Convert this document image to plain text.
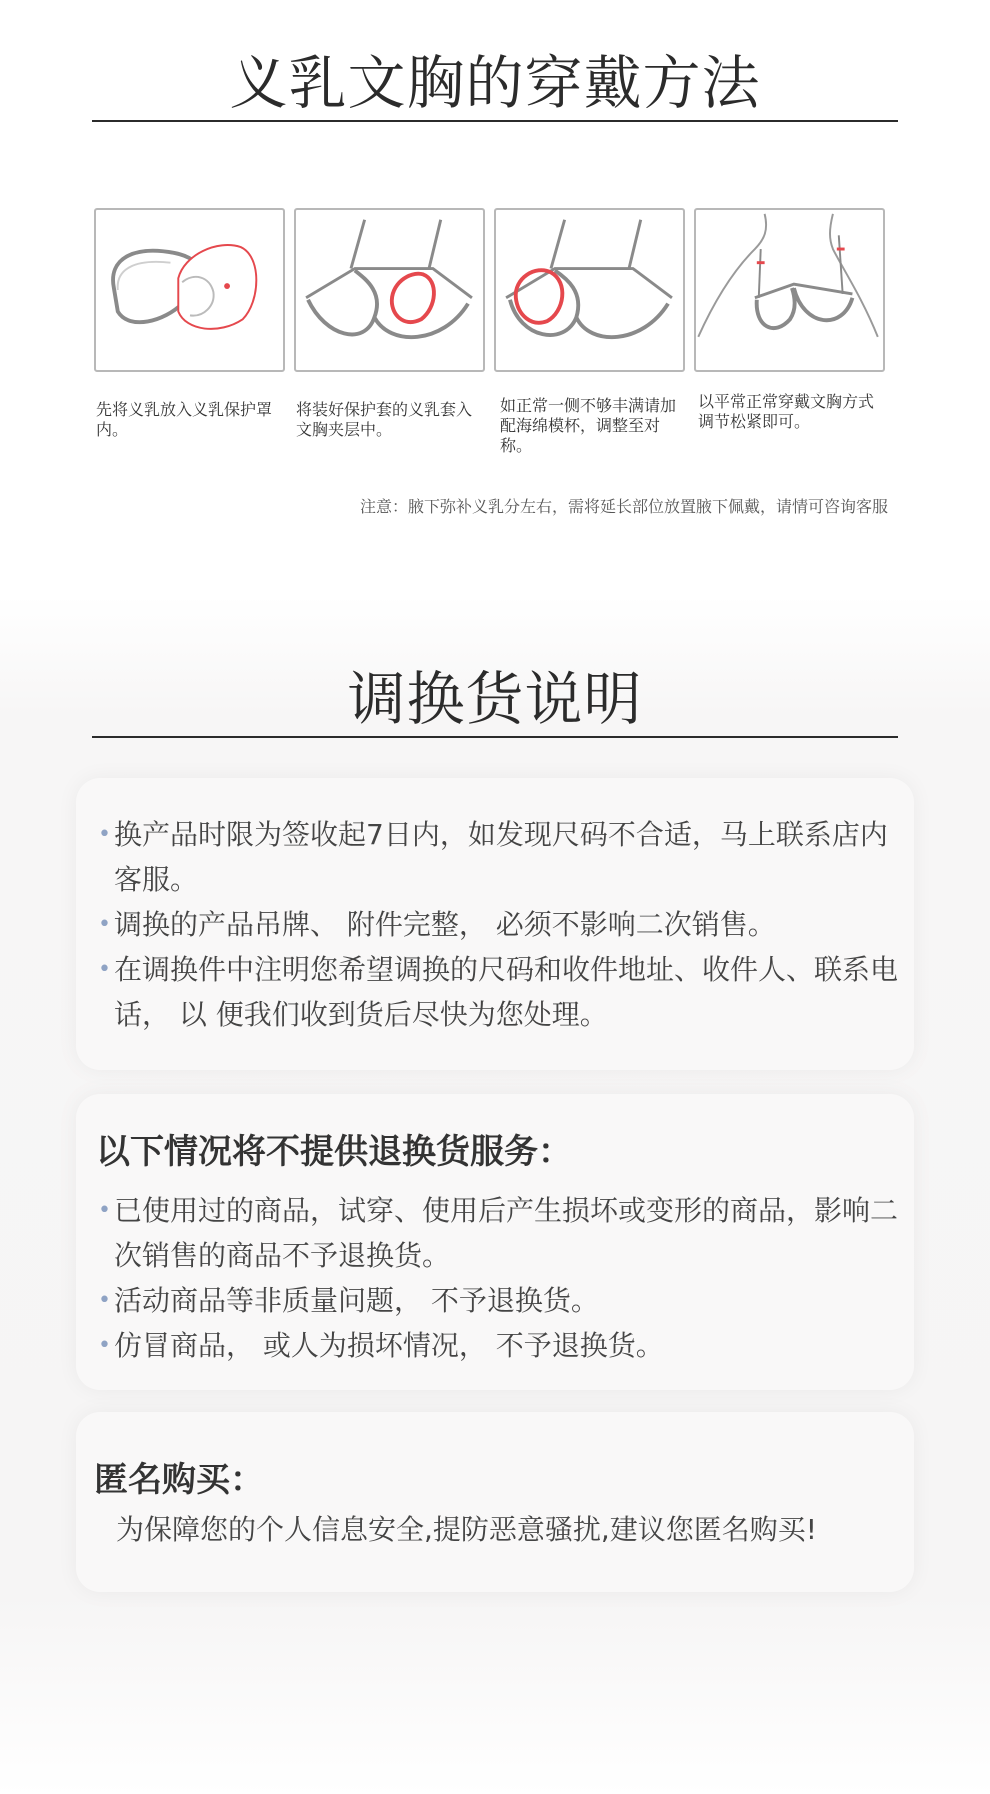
义乳文胸的穿戴方法
先将义乳放入义乳保护罩内。
将装好保护套的义乳套入文胸夹层中。
如正常一侧不够丰满请加配海绵模杯，调整至对称。
以平常正常穿戴文胸方式调节松紧即可。
注意：腋下弥补义乳分左右，需将延长部位放置腋下佩戴，请情可咨询客服
调换货说明
• 换产品时限为签收起7日内，如发现尺码不合适，马上联系店内客服。
• 调换的产品吊牌、 附件完整， 必须不影响二次销售。
• 在调换件中注明您希望调换的尺码和收件地址、收件人、联系电话， 以 便我们收到货后尽快为您处理。
以下情况将不提供退换货服务：
• 已使用过的商品，试穿、使用后产生损坏或变形的商品，影响二次销售的商品不予退换货。
• 活动商品等非质量问题， 不予退换货。
• 仿冒商品， 或人为损坏情况， 不予退换货。
匿名购买：
为保障您的个人信息安全,提防恶意骚扰,建议您匿名购买!
